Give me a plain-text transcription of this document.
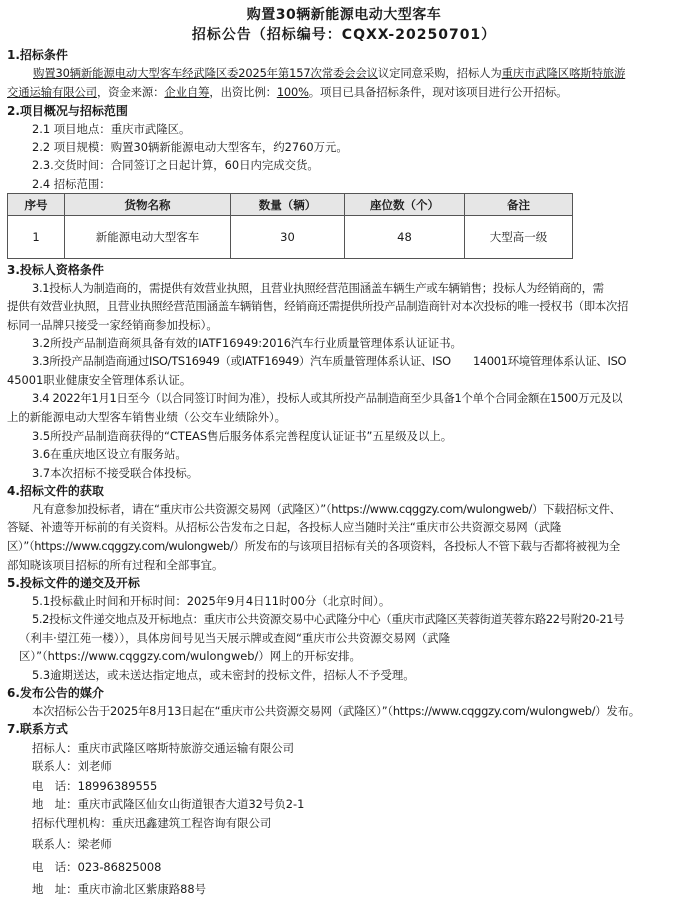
购置30辆新能源电动大型客车
招标公告（招标编号：CQXX-20250701）
1.招标条件
购置30辆新能源电动大型客车经武隆区委2025年第157次常委会会议议定同意采购，招标人为重庆市武隆区喀斯特旅游
交通运输有限公司，资金来源：企业自筹，出资比例：100%。项目已具备招标条件，现对该项目进行公开招标。
2.项目概况与招标范围
2.1 项目地点：重庆市武隆区。
2.2 项目规模：购置30辆新能源电动大型客车，约2760万元。
2.3.交货时间：合同签订之日起计算，60日内完成交货。
2.4 招标范围：
序号	货物名称	数量（辆）	座位数（个）	备注
1	新能源电动大型客车	30	48	大型高一级
3.投标人资格条件
3.1投标人为制造商的，需提供有效营业执照，且营业执照经营范围涵盖车辆生产或车辆销售；投标人为经销商的，需
提供有效营业执照，且营业执照经营范围涵盖车辆销售，经销商还需提供所投产品制造商针对本次投标的唯一授权书（即本次招
标同一品牌只接受一家经销商参加投标）。
3.2所投产品制造商须具备有效的IATF16949:2016汽车行业质量管理体系认证证书。
3.3所投产品制造商通过ISO/TS16949（或IATF16949）汽车质量管理体系认证、ISO　　14001环境管理体系认证、ISO
45001职业健康安全管理体系认证。
3.4 2022年1月1日至今（以合同签订时间为准），投标人或其所投产品制造商至少具备1个单个合同金额在1500万元及以
上的新能源电动大型客车销售业绩（公交车业绩除外）。
3.5所投产品制造商获得的“CTEAS售后服务体系完善程度认证证书”五星级及以上。
3.6在重庆地区设立有服务站。
3.7本次招标不接受联合体投标。
4.招标文件的获取
凡有意参加投标者，请在“重庆市公共资源交易网（武隆区）”（https://www.cqggzy.com/wulongweb/）下载招标文件、
答疑、补遗等开标前的有关资料。从招标公告发布之日起，各投标人应当随时关注“重庆市公共资源交易网（武隆
区）”（https://www.cqggzy.com/wulongweb/）所发布的与该项目招标有关的各项资料，各投标人不管下载与否都将被视为全
部知晓该项目招标的所有过程和全部事宜。
5.投标文件的递交及开标
5.1投标截止时间和开标时间：2025年9月4日11时00分（北京时间）。
5.2投标文件递交地点及开标地点：重庆市公共资源交易中心武隆分中心（重庆市武隆区芙蓉街道芙蓉东路22号附20-21号
（利丰·望江苑一楼）），具体房间号见当天展示牌或查阅“重庆市公共资源交易网（武隆
区）”（https://www.cqggzy.com/wulongweb/）网上的开标安排。
5.3逾期送达，或未送达指定地点，或未密封的投标文件，招标人不予受理。
6.发布公告的媒介
本次招标公告于2025年8月13日起在“重庆市公共资源交易网（武隆区）”（https://www.cqggzy.com/wulongweb/）发布。
7.联系方式
招标人：重庆市武隆区喀斯特旅游交通运输有限公司
联系人：刘老师
电　话：18996389555
地　址：重庆市武隆区仙女山街道银杏大道32号负2-1
招标代理机构：重庆迅鑫建筑工程咨询有限公司
联系人：梁老师
电　话：023-86825008
地　址：重庆市渝北区紫康路88号
